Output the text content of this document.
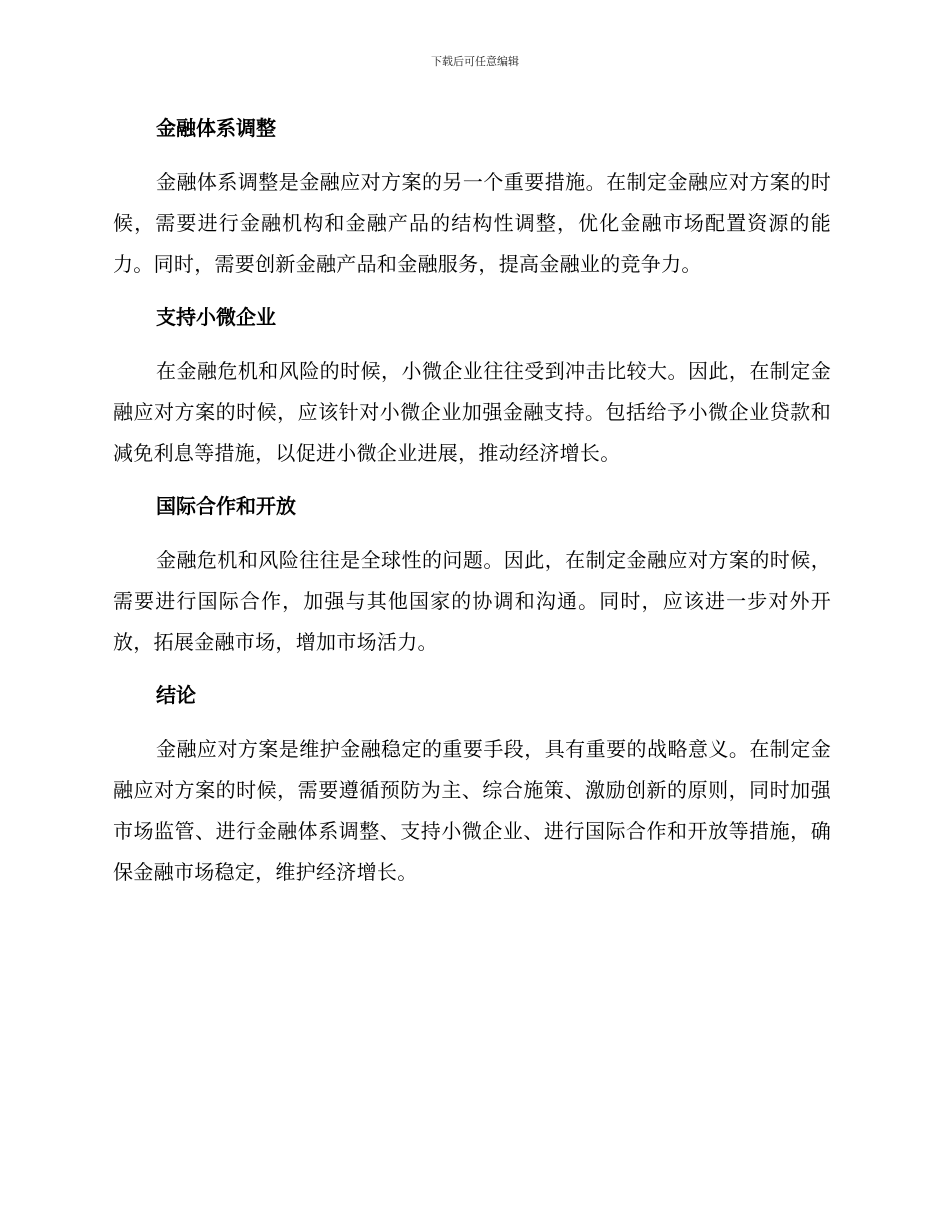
下载后可任意编辑
金融体系调整

金融体系调整是金融应对方案的另一个重要措施。在制定金融应对方案的时候，需要进行金融机构和金融产品的结构性调整，优化金融市场配置资源的能力。同时，需要创新金融产品和金融服务，提高金融业的竞争力。

支持小微企业

在金融危机和风险的时候，小微企业往往受到冲击比较大。因此，在制定金融应对方案的时候，应该针对小微企业加强金融支持。包括给予小微企业贷款和减免利息等措施，以促进小微企业进展，推动经济增长。

国际合作和开放

金融危机和风险往往是全球性的问题。因此，在制定金融应对方案的时候，需要进行国际合作，加强与其他国家的协调和沟通。同时，应该进一步对外开放，拓展金融市场，增加市场活力。

结论

金融应对方案是维护金融稳定的重要手段，具有重要的战略意义。在制定金融应对方案的时候，需要遵循预防为主、综合施策、激励创新的原则，同时加强市场监管、进行金融体系调整、支持小微企业、进行国际合作和开放等措施，确保金融市场稳定，维护经济增长。
